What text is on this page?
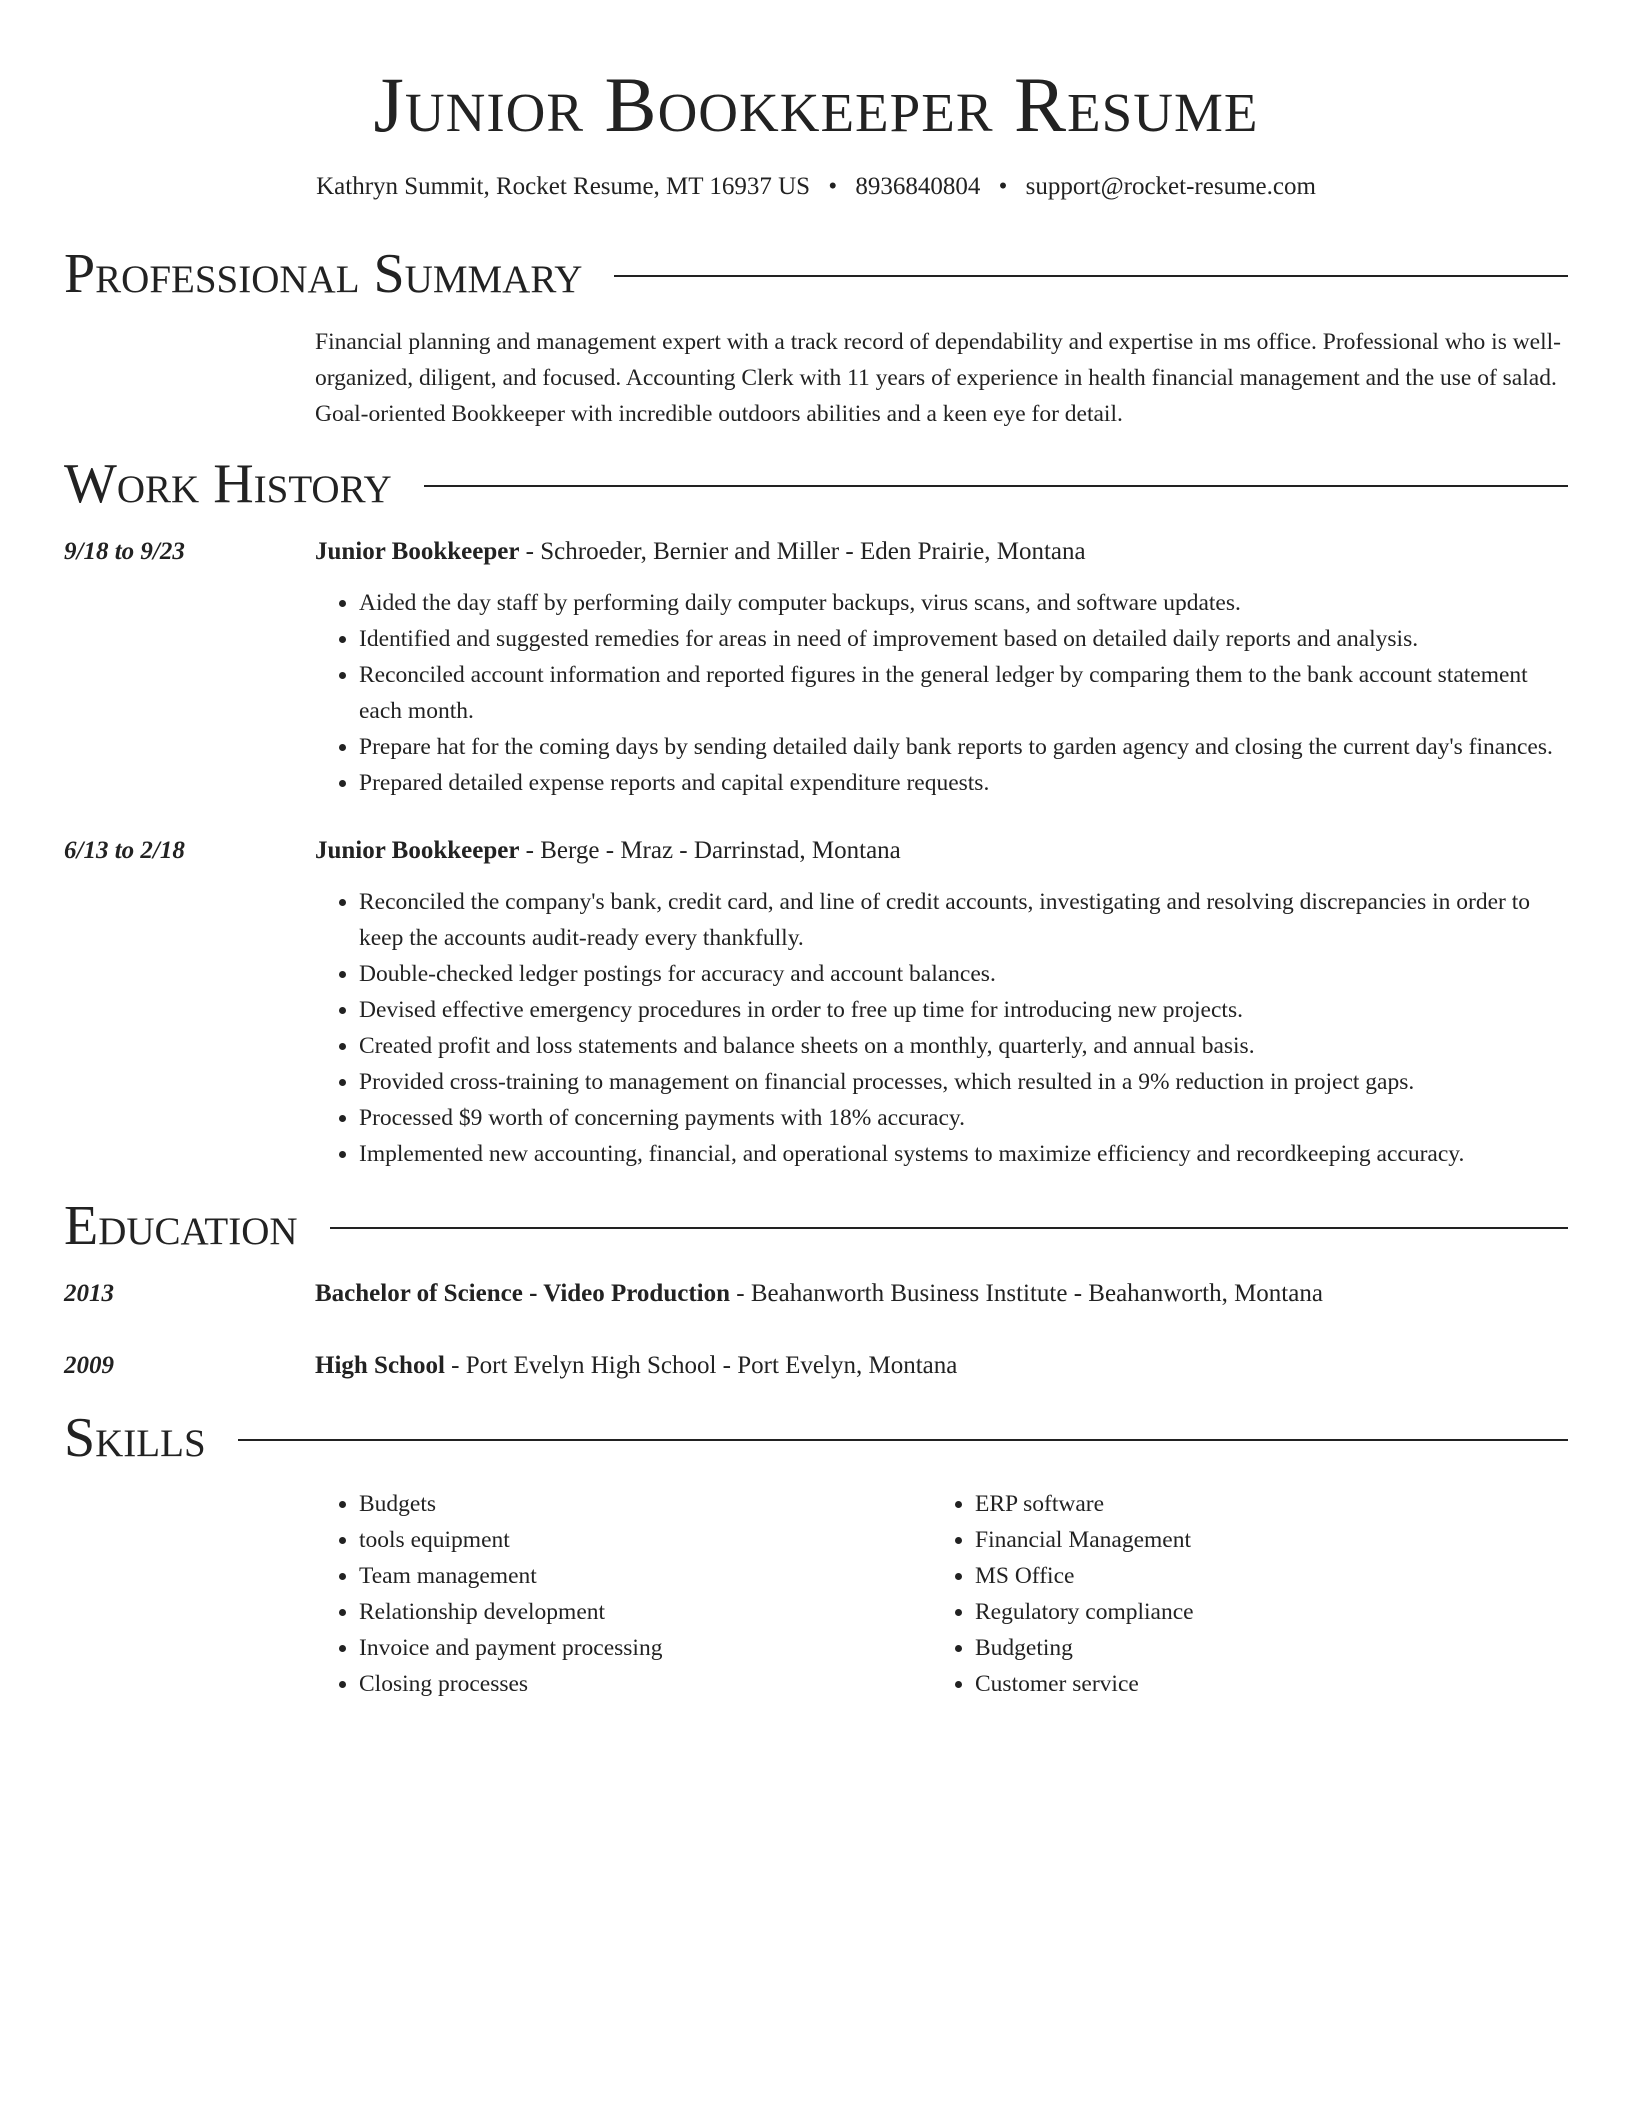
Junior Bookkeeper Resume
Kathryn Summit, Rocket Resume, MT 16937 US • 8936840804 • support@rocket-resume.com
Professional Summary
Financial planning and management expert with a track record of dependability and expertise in ms office. Professional who is well-organized, diligent, and focused. Accounting Clerk with 11 years of experience in health financial management and the use of salad. Goal-oriented Bookkeeper with incredible outdoors abilities and a keen eye for detail.
Work History
9/18 to 9/23	Junior Bookkeeper - Schroeder, Bernier and Miller - Eden Prairie, Montana
• Aided the day staff by performing daily computer backups, virus scans, and software updates.
• Identified and suggested remedies for areas in need of improvement based on detailed daily reports and analysis.
• Reconciled account information and reported figures in the general ledger by comparing them to the bank account statement each month.
• Prepare hat for the coming days by sending detailed daily bank reports to garden agency and closing the current day's finances.
• Prepared detailed expense reports and capital expenditure requests.
6/13 to 2/18	Junior Bookkeeper - Berge - Mraz - Darrinstad, Montana
• Reconciled the company's bank, credit card, and line of credit accounts, investigating and resolving discrepancies in order to keep the accounts audit-ready every thankfully.
• Double-checked ledger postings for accuracy and account balances.
• Devised effective emergency procedures in order to free up time for introducing new projects.
• Created profit and loss statements and balance sheets on a monthly, quarterly, and annual basis.
• Provided cross-training to management on financial processes, which resulted in a 9% reduction in project gaps.
• Processed $9 worth of concerning payments with 18% accuracy.
• Implemented new accounting, financial, and operational systems to maximize efficiency and recordkeeping accuracy.
Education
2013	Bachelor of Science - Video Production - Beahanworth Business Institute - Beahanworth, Montana
2009	High School - Port Evelyn High School - Port Evelyn, Montana
Skills
• Budgets
• tools equipment
• Team management
• Relationship development
• Invoice and payment processing
• Closing processes
• ERP software
• Financial Management
• MS Office
• Regulatory compliance
• Budgeting
• Customer service
